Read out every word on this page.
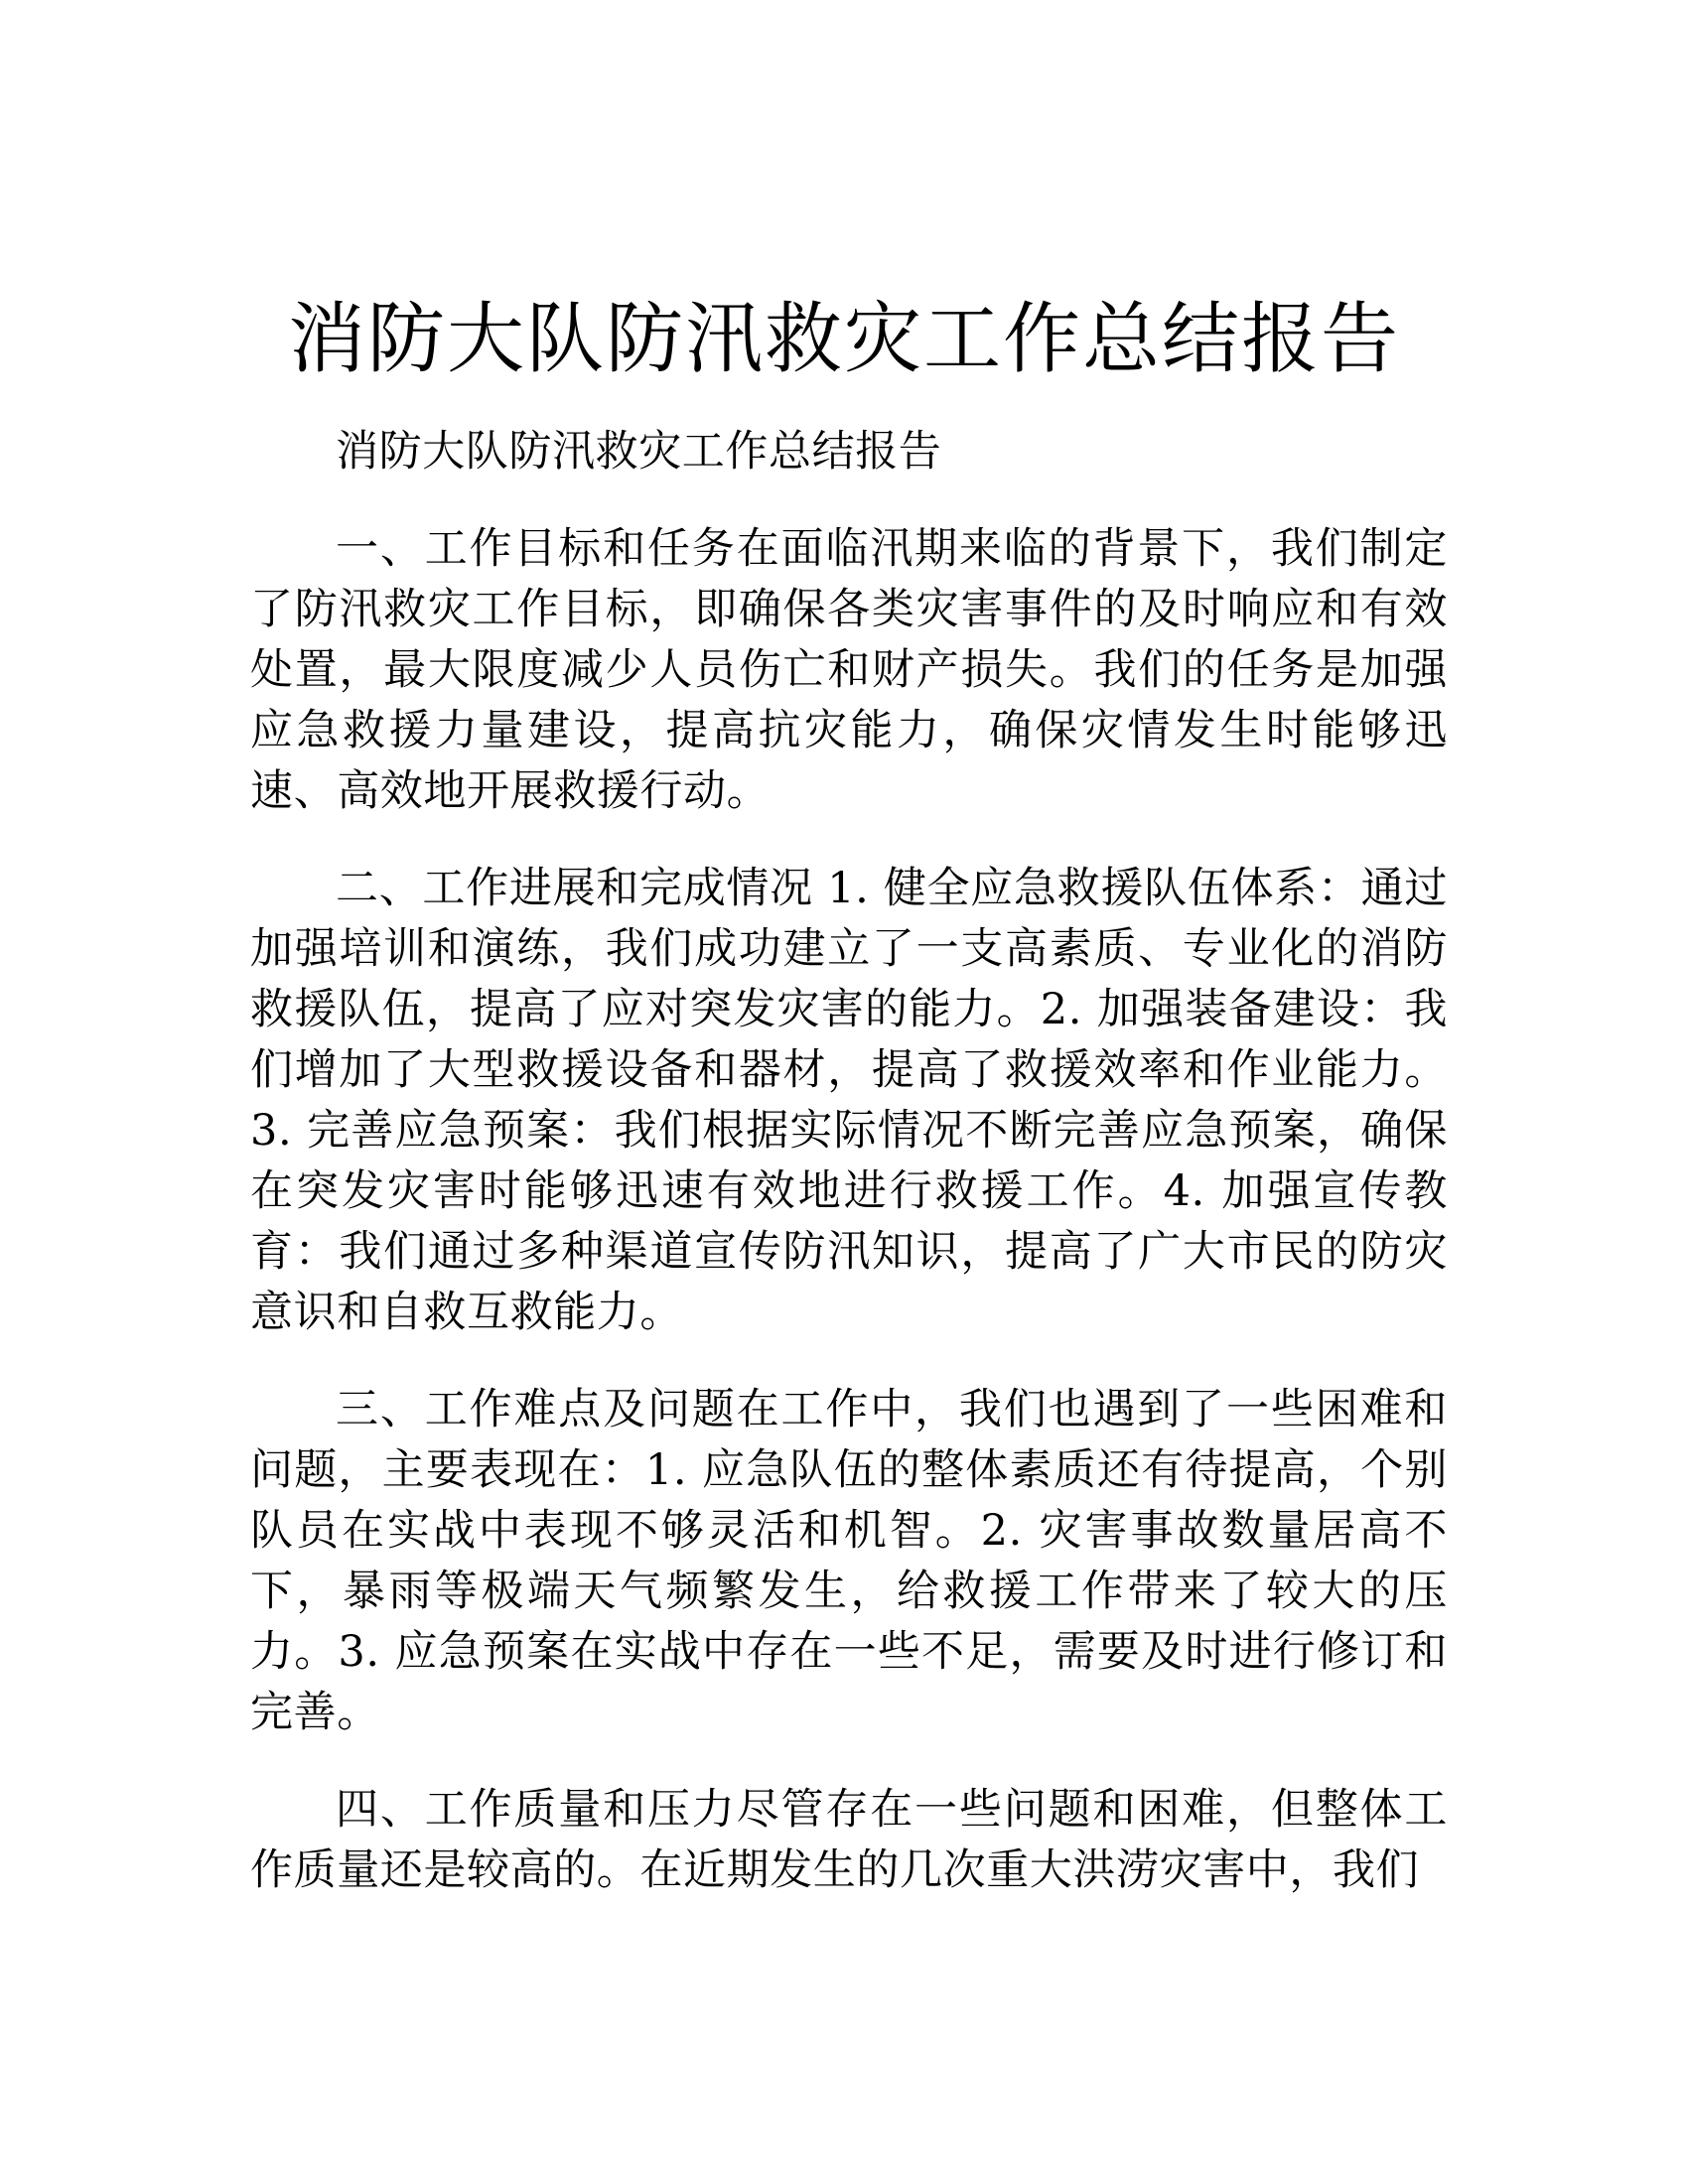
消防大队防汛救灾工作总结报告

消防大队防汛救灾工作总结报告

一、工作目标和任务在面临汛期来临的背景下，我们制定了防汛救灾工作目标，即确保各类灾害事件的及时响应和有效处置，最大限度减少人员伤亡和财产损失。我们的任务是加强应急救援力量建设，提高抗灾能力，确保灾情发生时能够迅速、高效地开展救援行动。

二、工作进展和完成情况 1. 健全应急救援队伍体系：通过加强培训和演练，我们成功建立了一支高素质、专业化的消防救援队伍，提高了应对突发灾害的能力。2. 加强装备建设：我们增加了大型救援设备和器材，提高了救援效率和作业能力。3. 完善应急预案：我们根据实际情况不断完善应急预案，确保在突发灾害时能够迅速有效地进行救援工作。4. 加强宣传教育：我们通过多种渠道宣传防汛知识，提高了广大市民的防灾意识和自救互救能力。

三、工作难点及问题在工作中，我们也遇到了一些困难和问题，主要表现在：1. 应急队伍的整体素质还有待提高，个别队员在实战中表现不够灵活和机智。2. 灾害事故数量居高不下，暴雨等极端天气频繁发生，给救援工作带来了较大的压力。3. 应急预案在实战中存在一些不足，需要及时进行修订和完善。

四、工作质量和压力尽管存在一些问题和困难，但整体工作质量还是较高的。在近期发生的几次重大洪涝灾害中，我们
